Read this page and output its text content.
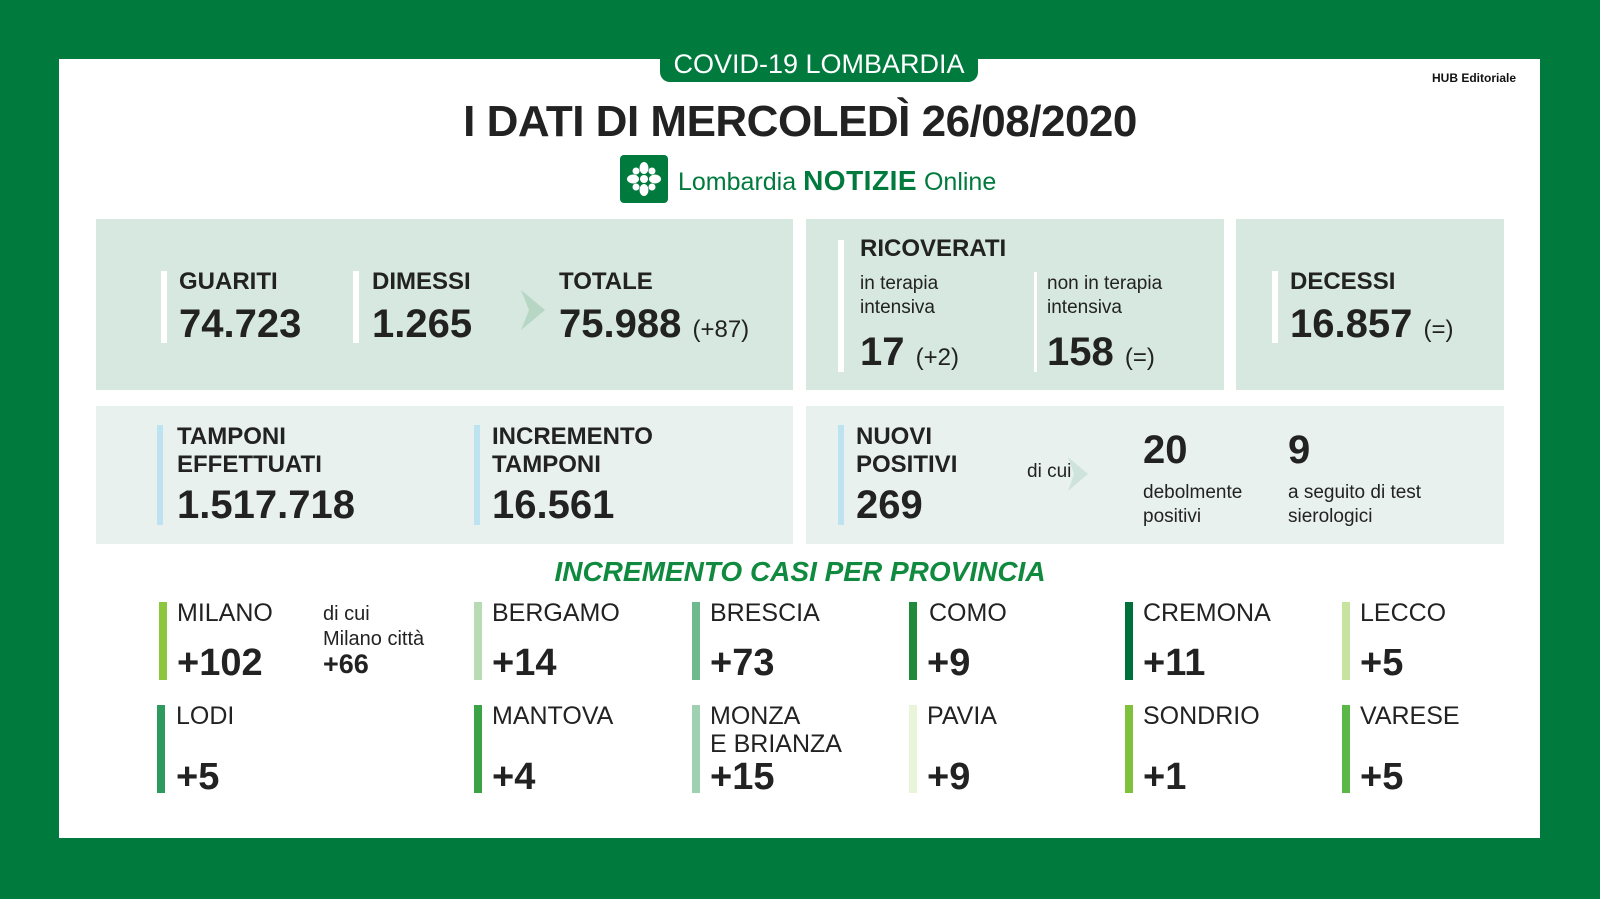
COVID-19 LOMBARDIA	HUB Editoriale
I DATI DI MERCOLEDÌ 26/08/2020
Lombardia NOTIZIE Online
GUARITI
74.723
DIMESSI
1.265
TOTALE
75.988 (+87)
RICOVERATI
in terapia intensiva
17 (+2)
non in terapia intensiva
158 (=)
DECESSI
16.857 (=)
TAMPONI
EFFETTUATI
1.517.718
INCREMENTO
TAMPONI
16.561
NUOVI
POSITIVI
269
di cui 20
debolmente
positivi
9
a seguito di test
sierologici
INCREMENTO CASI PER PROVINCIA
MILANO
+102
di cui
Milano città
+66
BERGAMO
+14
BRESCIA
+73
COMO
+9
CREMONA
+11
LECCO
+5
LODI
+5
MANTOVA
+4
MONZA
E BRIANZA
+15
PAVIA
+9
SONDRIO
+1
VARESE
+5
